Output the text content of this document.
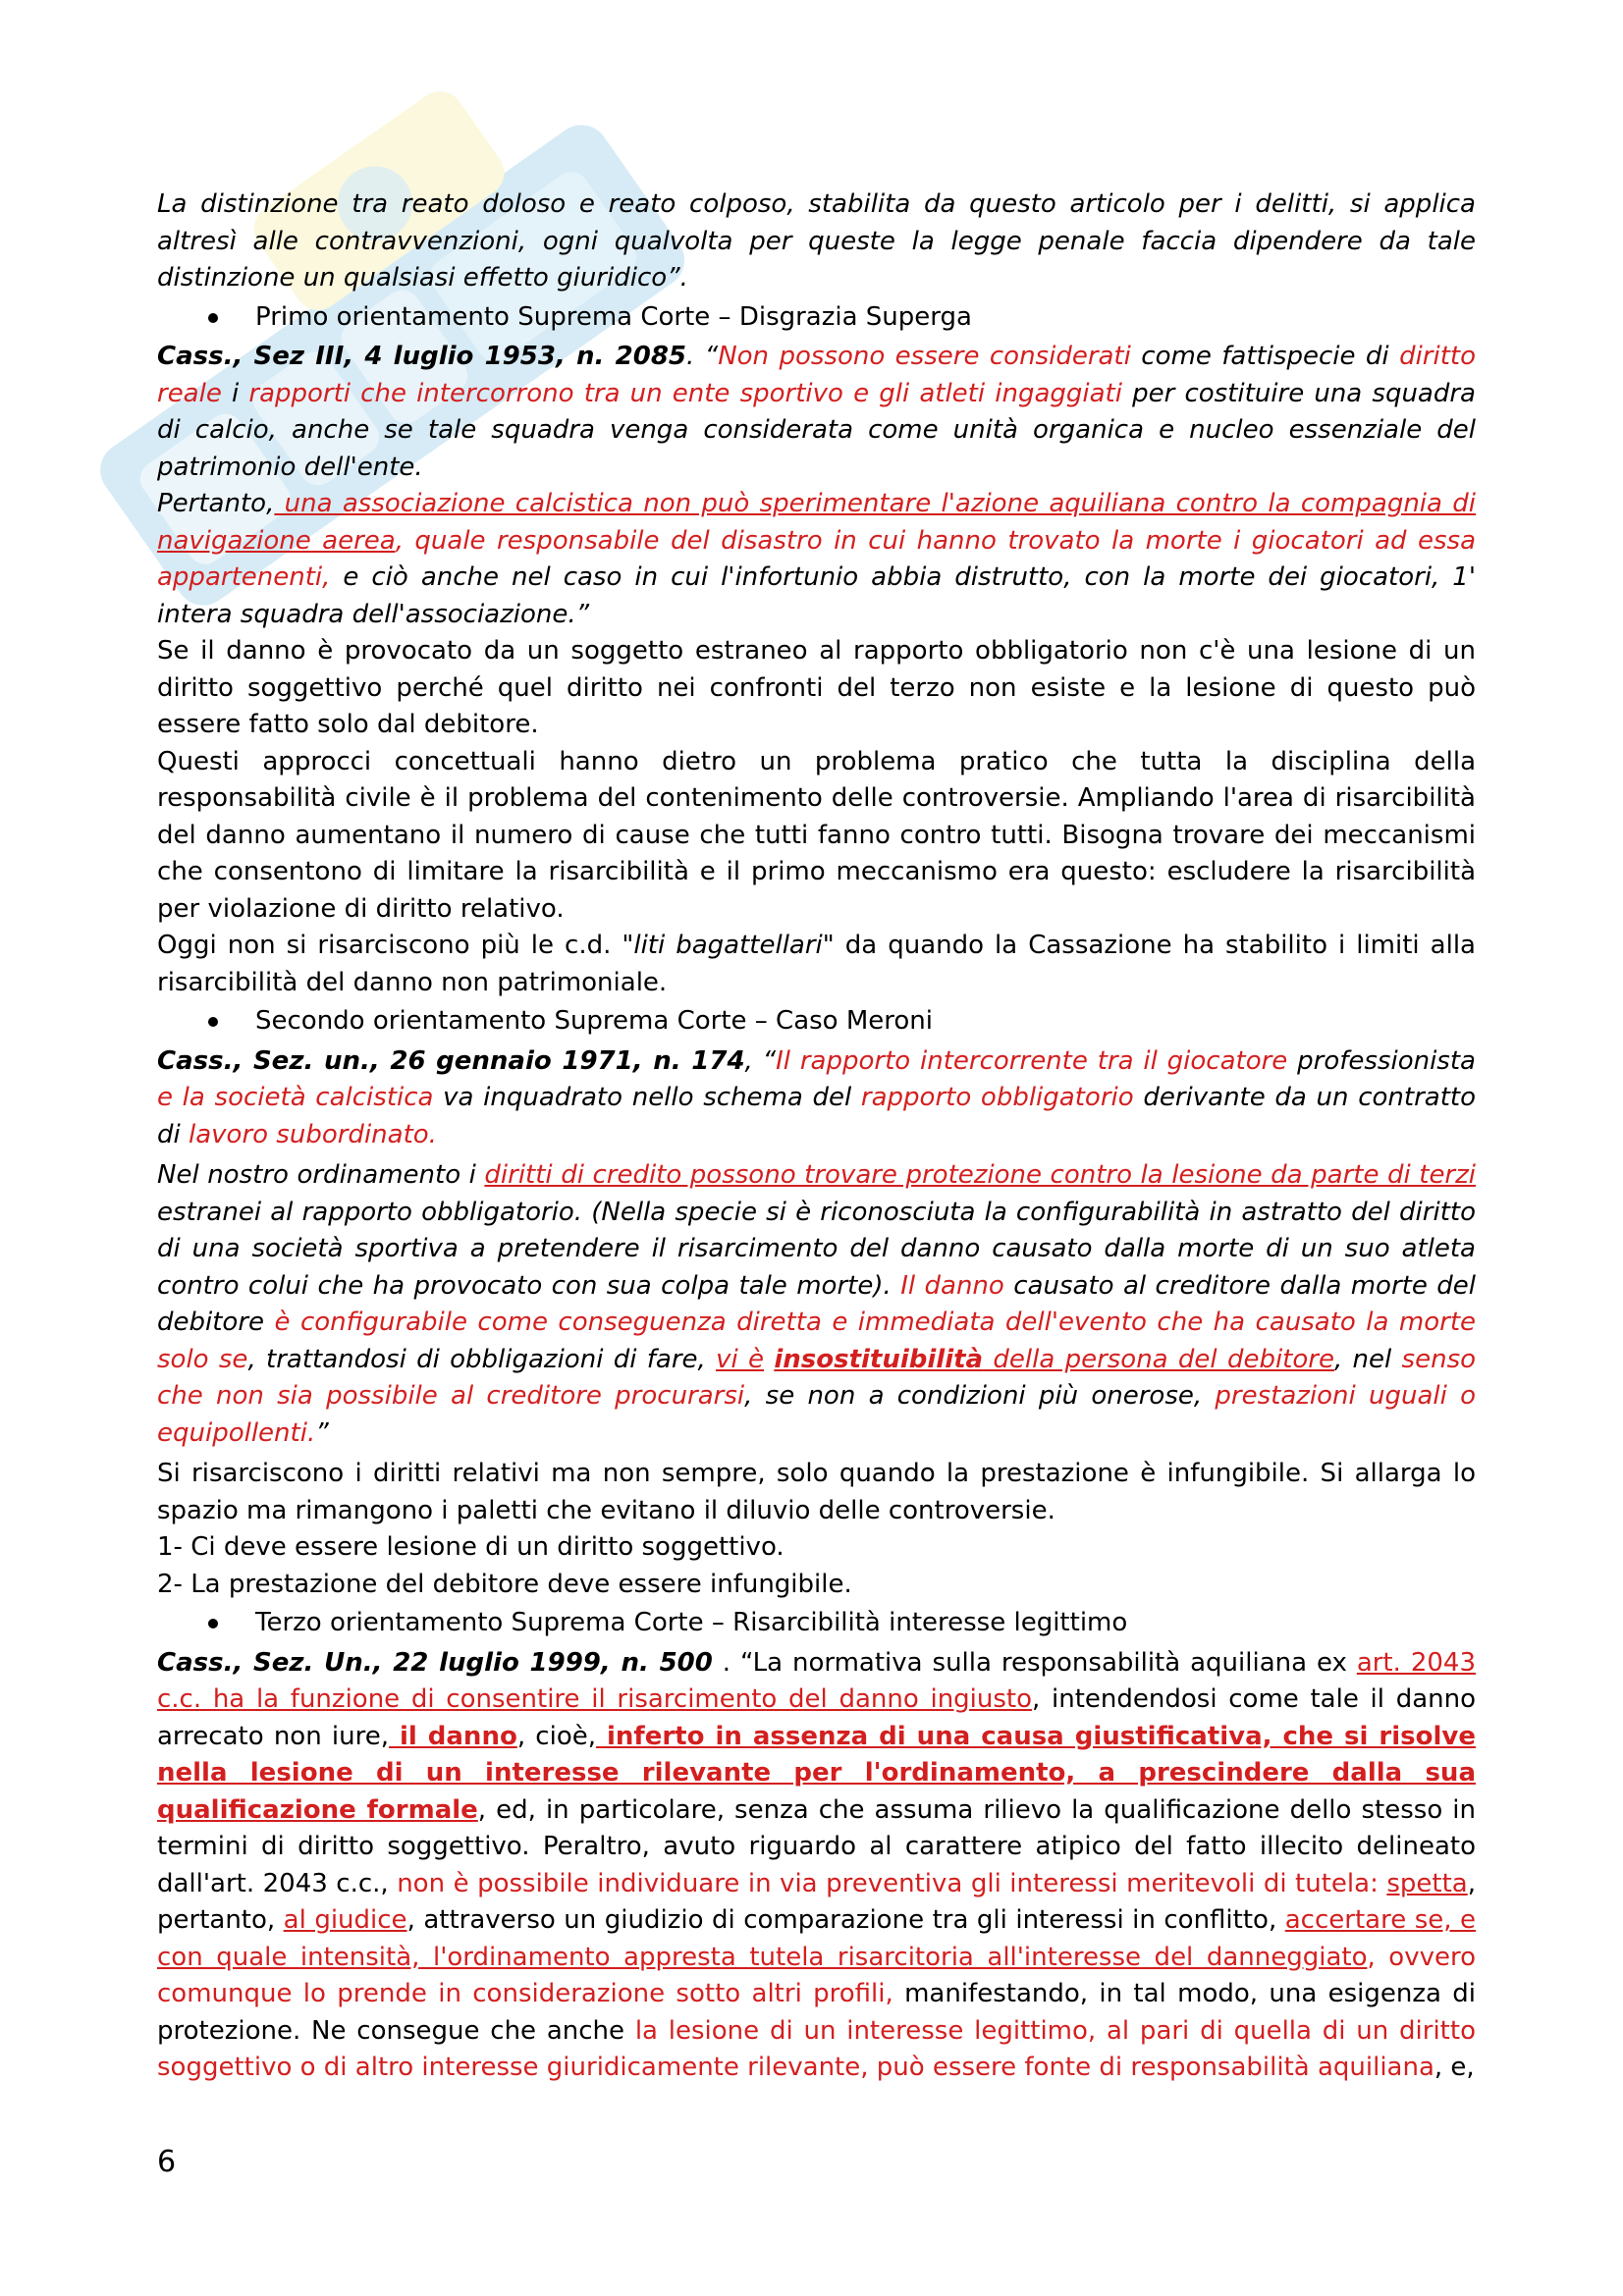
La distinzione tra reato doloso e reato colposo, stabilita da questo articolo per i delitti, si applica altresì alle contravvenzioni, ogni qualvolta per queste la legge penale faccia dipendere da tale distinzione un qualsiasi effetto giuridico”.

Primo orientamento Suprema Corte – Disgrazia Superga

Cass., Sez III, 4 luglio 1953, n. 2085. “Non possono essere considerati come fattispecie di diritto reale i rapporti che intercorrono tra un ente sportivo e gli atleti ingaggiati per costituire una squadra di calcio, anche se tale squadra venga considerata come unità organica e nucleo essenziale del patrimonio dell'ente.

Pertanto, una associazione calcistica non può sperimentare l'azione aquiliana contro la compagnia di navigazione aerea, quale responsabile del disastro in cui hanno trovato la morte i giocatori ad essa appartenenti, e ciò anche nel caso in cui l'infortunio abbia distrutto, con la morte dei giocatori, 1' intera squadra dell'associazione.”

Se il danno è provocato da un soggetto estraneo al rapporto obbligatorio non c'è una lesione di un diritto soggettivo perché quel diritto nei confronti del terzo non esiste e la lesione di questo può essere fatto solo dal debitore.

Questi approcci concettuali hanno dietro un problema pratico che tutta la disciplina della responsabilità civile è il problema del contenimento delle controversie. Ampliando l'area di risarcibilità del danno aumentano il numero di cause che tutti fanno contro tutti. Bisogna trovare dei meccanismi che consentono di limitare la risarcibilità e il primo meccanismo era questo: escludere la risarcibilità per violazione di diritto relativo.

Oggi non si risarciscono più le c.d. "liti bagattellari" da quando la Cassazione ha stabilito i limiti alla risarcibilità del danno non patrimoniale.

Secondo orientamento Suprema Corte – Caso Meroni

Cass., Sez. un., 26 gennaio 1971, n. 174, “Il rapporto intercorrente tra il giocatore professionista e la società calcistica va inquadrato nello schema del rapporto obbligatorio derivante da un contratto di lavoro subordinato.

Nel nostro ordinamento i diritti di credito possono trovare protezione contro la lesione da parte di terzi estranei al rapporto obbligatorio. (Nella specie si è riconosciuta la configurabilità in astratto del diritto di una società sportiva a pretendere il risarcimento del danno causato dalla morte di un suo atleta contro colui che ha provocato con sua colpa tale morte). Il danno causato al creditore dalla morte del debitore è configurabile come conseguenza diretta e immediata dell'evento che ha causato la morte solo se, trattandosi di obbligazioni di fare, vi è insostituibilità della persona del debitore, nel senso che non sia possibile al creditore procurarsi, se non a condizioni più onerose, prestazioni uguali o equipollenti.”

Si risarciscono i diritti relativi ma non sempre, solo quando la prestazione è infungibile. Si allarga lo spazio ma rimangono i paletti che evitano il diluvio delle controversie.

1- Ci deve essere lesione di un diritto soggettivo.

2- La prestazione del debitore deve essere infungibile.

Terzo orientamento Suprema Corte – Risarcibilità interesse legittimo

Cass., Sez. Un., 22 luglio 1999, n. 500 . “La normativa sulla responsabilità aquiliana ex art. 2043 c.c. ha la funzione di consentire il risarcimento del danno ingiusto, intendendosi come tale il danno arrecato non iure, il danno, cioè, inferto in assenza di una causa giustificativa, che si risolve nella lesione di un interesse rilevante per l'ordinamento, a prescindere dalla sua qualificazione formale, ed, in particolare, senza che assuma rilievo la qualificazione dello stesso in termini di diritto soggettivo. Peraltro, avuto riguardo al carattere atipico del fatto illecito delineato dall'art. 2043 c.c., non è possibile individuare in via preventiva gli interessi meritevoli di tutela: spetta, pertanto, al giudice, attraverso un giudizio di comparazione tra gli interessi in conflitto, accertare se, e con quale intensità, l'ordinamento appresta tutela risarcitoria all'interesse del danneggiato, ovvero comunque lo prende in considerazione sotto altri profili, manifestando, in tal modo, una esigenza di protezione. Ne consegue che anche la lesione di un interesse legittimo, al pari di quella di un diritto soggettivo o di altro interesse giuridicamente rilevante, può essere fonte di responsabilità aquiliana, e,

6
